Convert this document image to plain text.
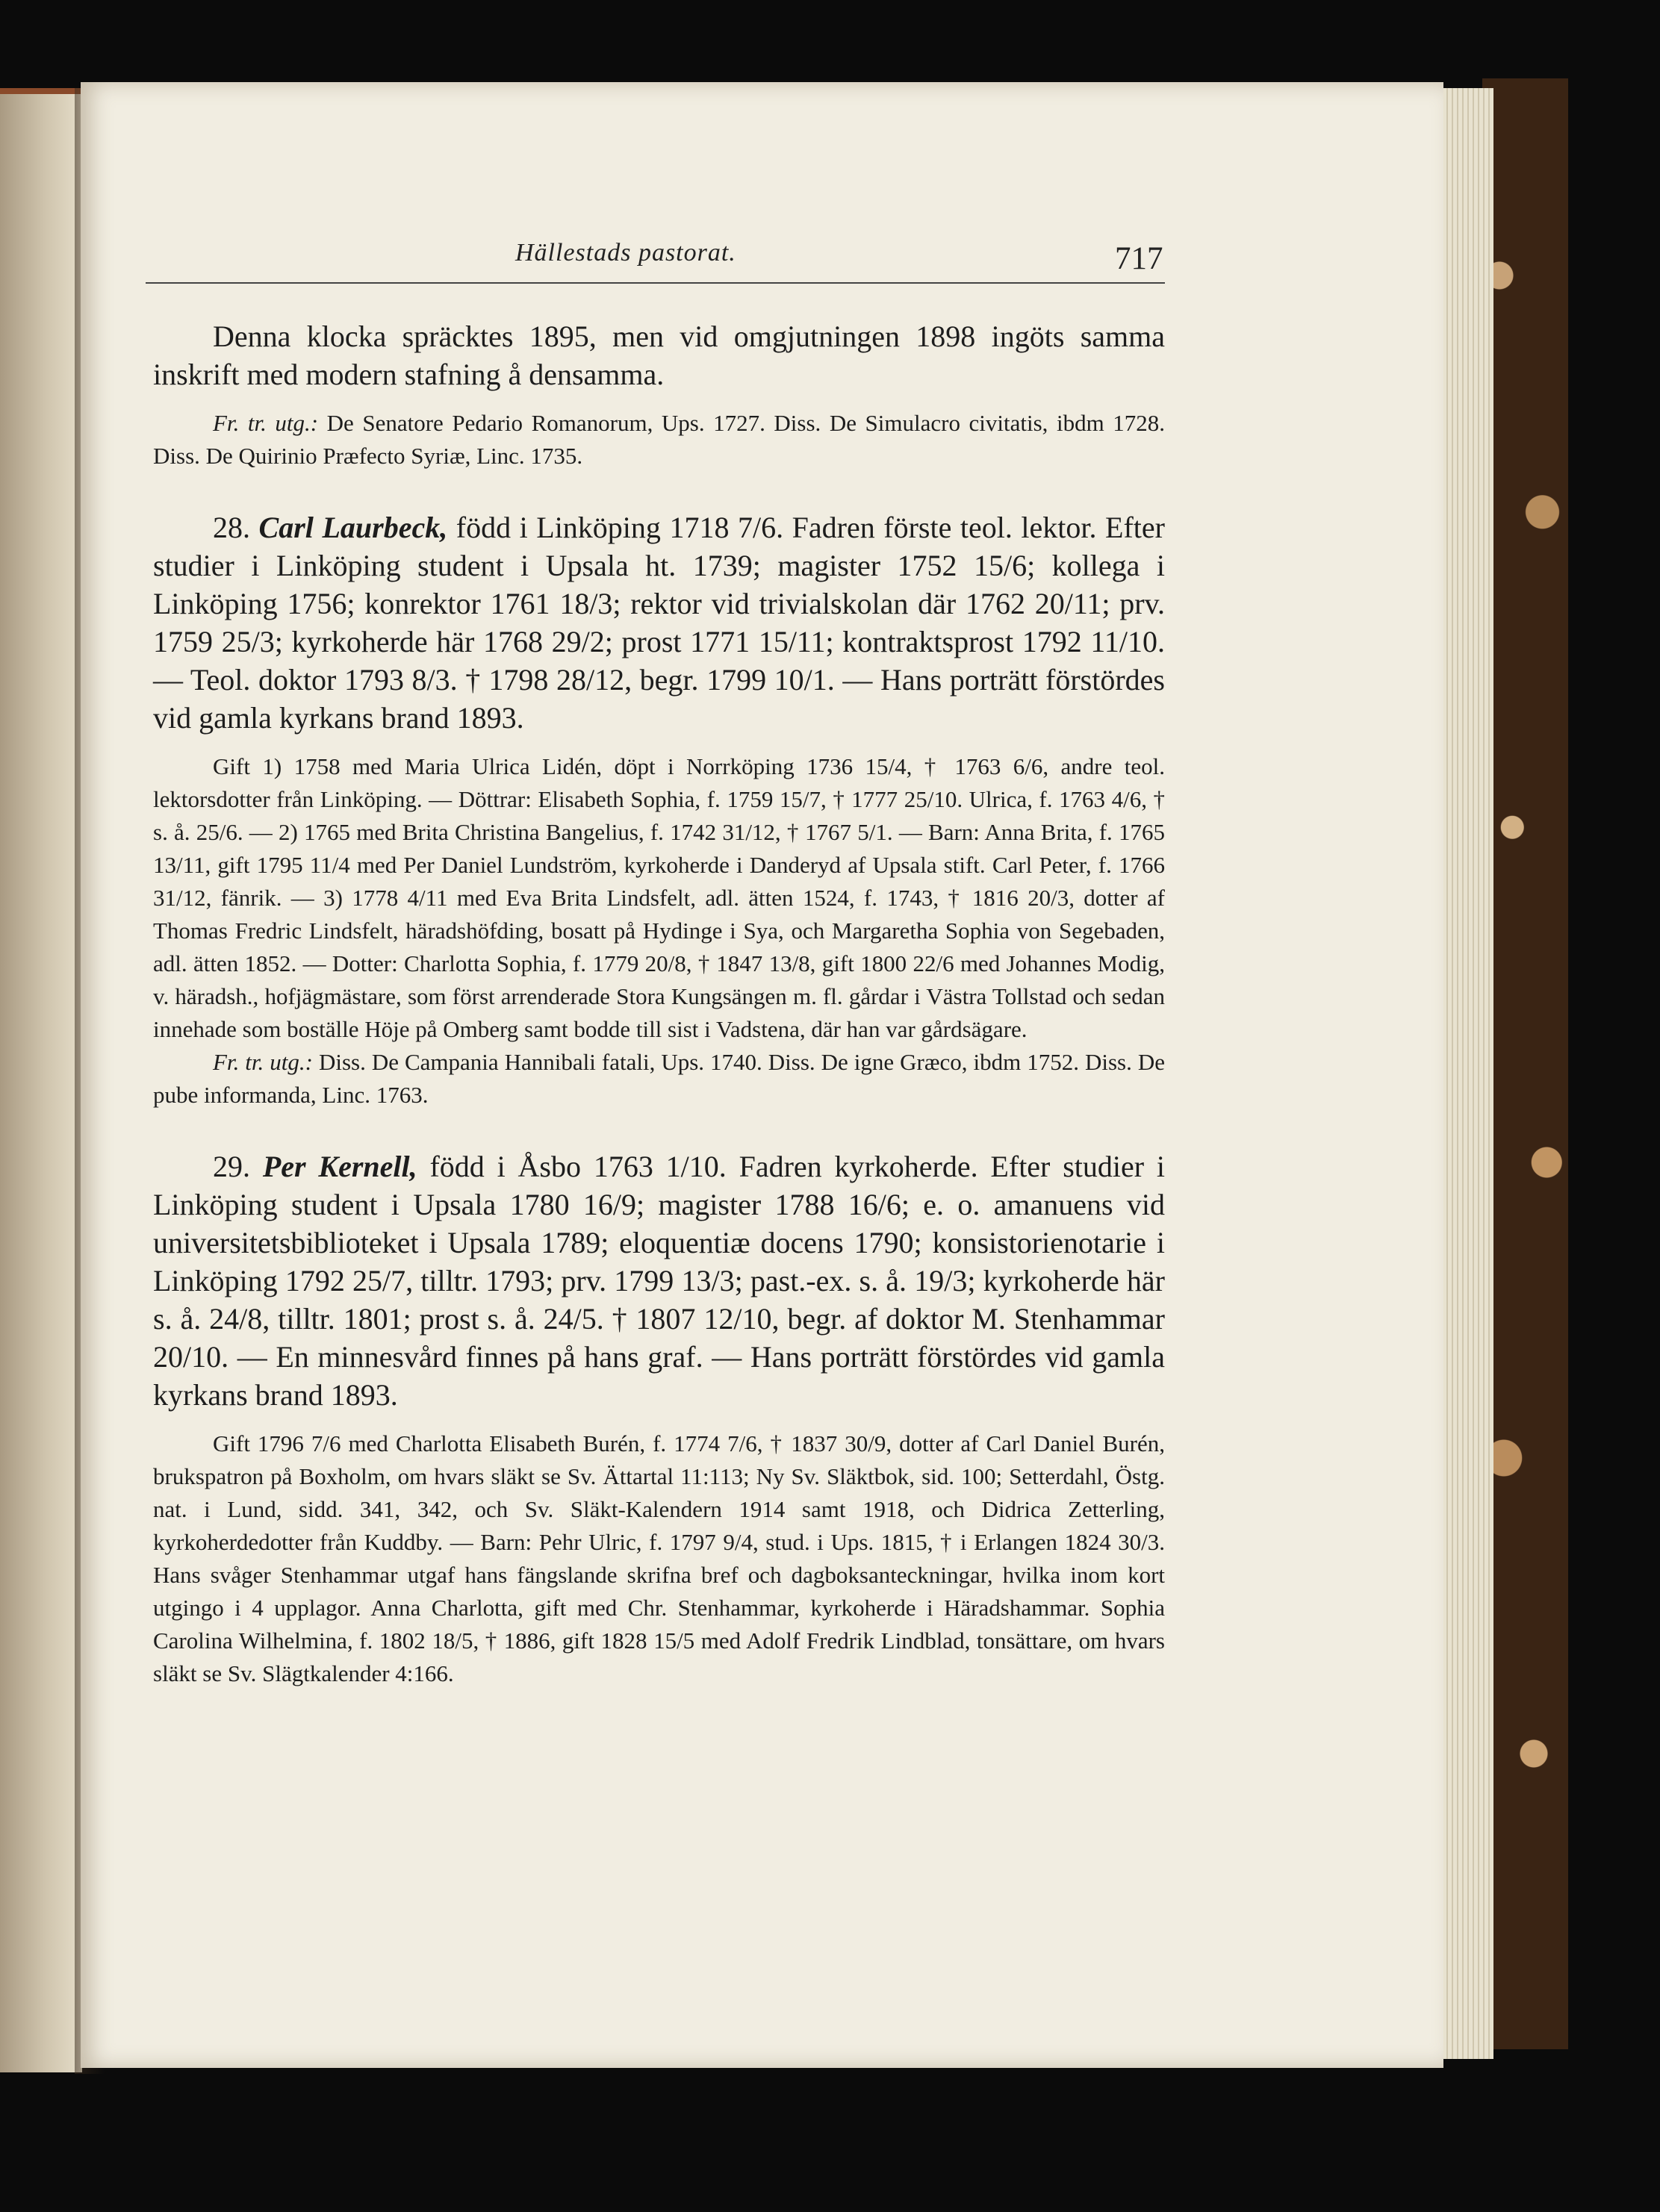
Hällestads pastorat.	717

Denna klocka spräcktes 1895, men vid omgjutningen 1898 ingöts samma inskrift med modern stafning å densamma.

Fr. tr. utg.: De Senatore Pedario Romanorum, Ups. 1727. Diss. De Simulacro civitatis, ibdm 1728. Diss. De Quirinio Præfecto Syriæ, Linc. 1735.

28. Carl Laurbeck, född i Linköping 1718 7/6. Fadren förste teol. lektor. Efter studier i Linköping student i Upsala ht. 1739; magister 1752 15/6; kollega i Linköping 1756; konrektor 1761 18/3; rektor vid trivialskolan där 1762 20/11; prv. 1759 25/3; kyrkoherde här 1768 29/2; prost 1771 15/11; kontraktsprost 1792 11/10. — Teol. doktor 1793 8/3. † 1798 28/12, begr. 1799 10/1. — Hans porträtt förstördes vid gamla kyrkans brand 1893.

Gift 1) 1758 med Maria Ulrica Lidén, döpt i Norrköping 1736 15/4, † 1763 6/6, andre teol. lektorsdotter från Linköping. — Döttrar: Elisabeth Sophia, f. 1759 15/7, † 1777 25/10. Ulrica, f. 1763 4/6, † s. å. 25/6. — 2) 1765 med Brita Christina Bangelius, f. 1742 31/12, † 1767 5/1. — Barn: Anna Brita, f. 1765 13/11, gift 1795 11/4 med Per Daniel Lundström, kyrkoherde i Danderyd af Upsala stift. Carl Peter, f. 1766 31/12, fänrik. — 3) 1778 4/11 med Eva Brita Lindsfelt, adl. ätten 1524, f. 1743, † 1816 20/3, dotter af Thomas Fredric Lindsfelt, häradshöfding, bosatt på Hydinge i Sya, och Margaretha Sophia von Segebaden, adl. ätten 1852. — Dotter: Charlotta Sophia, f. 1779 20/8, † 1847 13/8, gift 1800 22/6 med Johannes Modig, v. häradsh., hofjägmästare, som först arrenderade Stora Kungsängen m. fl. gårdar i Västra Tollstad och sedan innehade som boställe Höje på Omberg samt bodde till sist i Vadstena, där han var gårdsägare.

Fr. tr. utg.: Diss. De Campania Hannibali fatali, Ups. 1740. Diss. De igne Græco, ibdm 1752. Diss. De pube informanda, Linc. 1763.

29. Per Kernell, född i Åsbo 1763 1/10. Fadren kyrkoherde. Efter studier i Linköping student i Upsala 1780 16/9; magister 1788 16/6; e. o. amanuens vid universitetsbiblioteket i Upsala 1789; eloquentiæ docens 1790; konsistorienotarie i Linköping 1792 25/7, tilltr. 1793; prv. 1799 13/3; past.-ex. s. å. 19/3; kyrkoherde här s. å. 24/8, tilltr. 1801; prost s. å. 24/5. † 1807 12/10, begr. af doktor M. Stenhammar 20/10. — En minnesvård finnes på hans graf. — Hans porträtt förstördes vid gamla kyrkans brand 1893.

Gift 1796 7/6 med Charlotta Elisabeth Burén, f. 1774 7/6, † 1837 30/9, dotter af Carl Daniel Burén, brukspatron på Boxholm, om hvars släkt se Sv. Ättartal 11:113; Ny Sv. Släktbok, sid. 100; Setterdahl, Östg. nat. i Lund, sidd. 341, 342, och Sv. Släkt-Kalendern 1914 samt 1918, och Didrica Zetterling, kyrkoherdedotter från Kuddby. — Barn: Pehr Ulric, f. 1797 9/4, stud. i Ups. 1815, † i Erlangen 1824 30/3. Hans svåger Stenhammar utgaf hans fängslande skrifna bref och dagboksanteckningar, hvilka inom kort utgingo i 4 upplagor. Anna Charlotta, gift med Chr. Stenhammar, kyrkoherde i Häradshammar. Sophia Carolina Wilhelmina, f. 1802 18/5, † 1886, gift 1828 15/5 med Adolf Fredrik Lindblad, tonsättare, om hvars släkt se Sv. Slägtkalender 4:166.
